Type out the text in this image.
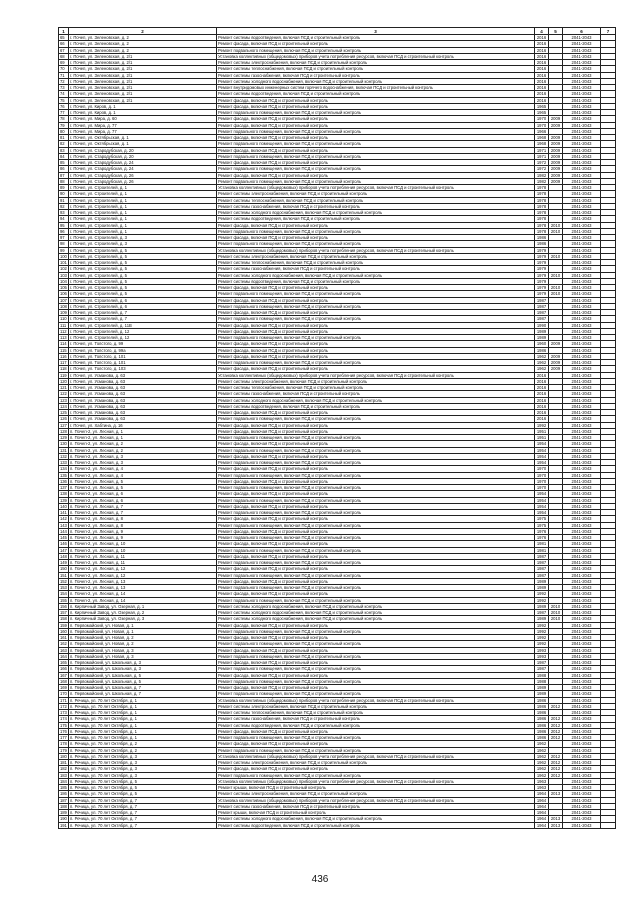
1	2	3	4	5	6	7
65	г. Почеп, ул. Зеленовская, д. 2	Ремонт системы водоотведения, включая ПСД и строительный контроль	2016		2041-2043	
66	г. Почеп, ул. Зеленовская, д. 2	Ремонт фасада, включая ПСД и строительный контроль	2016		2041-2043	
67	г. Почеп, ул. Зеленовская, д. 2	Ремонт подвального помещения, включая ПСД и строительный контроль	2016		2041-2043	
68	г. Почеп, ул. Зеленовская, д. 2/1	Установка коллективных (общедомовых) приборов учета потребления ресурсов, включая ПСД и строительный контроль	2016		2041-2043	
69	г. Почеп, ул. Зеленовская, д. 2/1	Ремонт системы электроснабжения, включая ПСД и строительный контроль	2016		2041-2043	
70	г. Почеп, ул. Зеленовская, д. 2/1	Ремонт системы теплоснабжения, включая ПСД и строительный контроль	2016		2041-2043	
71	г. Почеп, ул. Зеленовская, д. 2/1	Ремонт системы газоснабжения, включая ПСД и строительный контроль	2016		2041-2043	
72	г. Почеп, ул. Зеленовская, д. 2/1	Ремонт системы холодного водоснабжения, включая ПСД и строительный контроль	2016		2041-2043	
73	г. Почеп, ул. Зеленовская, д. 2/1	Ремонт внутридомовых инженерных систем горячего водоснабжения, включая ПСД и строительный контроль	2016		2041-2043	
74	г. Почеп, ул. Зеленовская, д. 2/1	Ремонт системы водоотведения, включая ПСД и строительный контроль	2016		2041-2043	
75	г. Почеп, ул. Зеленовская, д. 2/1	Ремонт фасада, включая ПСД и строительный контроль	2016		2041-2043	
76	г. Почеп, ул. Киров, д. 1	Ремонт фасада, включая ПСД и строительный контроль	1965		2041-2043	
77	г. Почеп, ул. Киров, д. 1	Ремонт подвального помещения, включая ПСД и строительный контроль	1965		2041-2043	
78	г. Почеп, ул. Мира, д. 60	Ремонт фасада, включая ПСД и строительный контроль	1970	2009	2041-2043	
79	г. Почеп, ул. Мира, д. 77	Ремонт фасада, включая ПСД и строительный контроль	1970	2009	2041-2043	
80	г. Почеп, ул. Мира, д. 77	Ремонт подвального помещения, включая ПСД и строительный контроль	1966		2041-2043	
81	г. Почеп, ул. Октябрьская, д. 1	Ремонт фасада, включая ПСД и строительный контроль	1968	2009	2041-2043	
82	г. Почеп, ул. Октябрьская, д. 1	Ремонт подвального помещения, включая ПСД и строительный контроль	1968	2009	2041-2043	
83	г. Почеп, ул. Стародубская, д. 20	Ремонт фасада, включая ПСД и строительный контроль	1971	2009	2041-2043	
84	г. Почеп, ул. Стародубская, д. 20	Ремонт подвального помещения, включая ПСД и строительный контроль	1971	2009	2041-2043	
85	г. Почеп, ул. Стародубская, д. 24	Ремонт фасада, включая ПСД и строительный контроль	1972	2009	2041-2043	
86	г. Почеп, ул. Стародубская, д. 24	Ремонт подвального помещения, включая ПСД и строительный контроль	1972	2009	2041-2043	
87	г. Почеп, ул. Стародубская, д. 26	Ремонт фасада, включая ПСД и строительный контроль	1982	2009	2041-2043	
88	г. Почеп, ул. Стародубская, д. 26	Ремонт подвального помещения, включая ПСД и строительный контроль	1982	2009	2041-2043	
89	г. Почеп, ул. Строителей, д. 1	Установка коллективных (общедомовых) приборов учета потребления ресурсов, включая ПСД и строительный контроль	1978		2041-2043	
90	г. Почеп, ул. Строителей, д. 1	Ремонт системы электроснабжения, включая ПСД и строительный контроль	1978		2041-2043	
91	г. Почеп, ул. Строителей, д. 1	Ремонт системы теплоснабжения, включая ПСД и строительный контроль	1978		2041-2043	
92	г. Почеп, ул. Строителей, д. 1	Ремонт системы газоснабжения, включая ПСД и строительный контроль	1978		2041-2043	
93	г. Почеп, ул. Строителей, д. 1	Ремонт системы холодного водоснабжения, включая ПСД и строительный контроль	1978		2041-2043	
94	г. Почеп, ул. Строителей, д. 1	Ремонт системы водоотведения, включая ПСД и строительный контроль	1978		2041-2043	
95	г. Почеп, ул. Строителей, д. 1	Ремонт фасада, включая ПСД и строительный контроль	1978	2010	2041-2043	
96	г. Почеп, ул. Строителей, д. 1	Ремонт подвального помещения, включая ПСД и строительный контроль	1978	2010	2041-2043	
97	г. Почеп, ул. Строителей, д. 3	Ремонт фасада, включая ПСД и строительный контроль	1986		2041-2043	
98	г. Почеп, ул. Строителей, д. 3	Ремонт подвального помещения, включая ПСД и строительный контроль	1986		2041-2043	
99	г. Почеп, ул. Строителей, д. 5	Установка коллективных (общедомовых) приборов учета потребления ресурсов, включая ПСД и строительный контроль	1979		2041-2043	
100	г. Почеп, ул. Строителей, д. 5	Ремонт системы электроснабжения, включая ПСД и строительный контроль	1979	2010	2041-2043	
101	г. Почеп, ул. Строителей, д. 5	Ремонт системы теплоснабжения, включая ПСД и строительный контроль	1979		2041-2043	
102	г. Почеп, ул. Строителей, д. 5	Ремонт системы газоснабжения, включая ПСД и строительный контроль	1979		2041-2043	
103	г. Почеп, ул. Строителей, д. 5	Ремонт системы холодного водоснабжения, включая ПСД и строительный контроль	1979	2010	2041-2043	
104	г. Почеп, ул. Строителей, д. 5	Ремонт системы водоотведения, включая ПСД и строительный контроль	1979		2041-2043	
105	г. Почеп, ул. Строителей, д. 5	Ремонт фасада, включая ПСД и строительный контроль	1979	2010	2041-2043	
106	г. Почеп, ул. Строителей, д. 5	Ремонт подвального помещения, включая ПСД и строительный контроль	1979	2010	2041-2043	
107	г. Почеп, ул. Строителей, д. 6	Ремонт фасада, включая ПСД и строительный контроль	1987		2041-2043	
108	г. Почеп, ул. Строителей, д. 6	Ремонт подвального помещения, включая ПСД и строительный контроль	1987		2041-2043	
109	г. Почеп, ул. Строителей, д. 7	Ремонт фасада, включая ПСД и строительный контроль	1987		2041-2043	
110	г. Почеп, ул. Строителей, д. 7	Ремонт подвального помещения, включая ПСД и строительный контроль	1987		2041-2043	
111	г. Почеп, ул. Строителей, д. 11В	Ремонт фасада, включая ПСД и строительный контроль	1990		2041-2043	
112	г. Почеп, ул. Строителей, д. 12	Ремонт фасада, включая ПСД и строительный контроль	1989		2041-2043	
113	г. Почеп, ул. Строителей, д. 12	Ремонт подвального помещения, включая ПСД и строительный контроль	1989		2041-2043	
114	г. Почеп, ул. Толстого, д. 99	Ремонт фасада, включая ПСД и строительный контроль	1960	2009	2041-2043	
115	г. Почеп, ул. Толстого, д. 99а	Ремонт фасада, включая ПСД и строительный контроль	1986		2041-2043	
116	г. Почеп, ул. Толстого, д. 101	Ремонт фасада, включая ПСД и строительный контроль	1962	2009	2041-2043	
117	г. Почеп, ул. Толстого, д. 101	Ремонт подвального помещения, включая ПСД и строительный контроль	1962	2009	2041-2043	
118	г. Почеп, ул. Толстого, д. 103	Ремонт фасада, включая ПСД и строительный контроль	1962	2009	2041-2043	
119	г. Почеп, ул. Усманова, д. 63	Установка коллективных (общедомовых) приборов учета потребления ресурсов, включая ПСД и строительный контроль	2016		2041-2043	
120	г. Почеп, ул. Усманова, д. 63	Ремонт системы электроснабжения, включая ПСД и строительный контроль	2016		2041-2043	
121	г. Почеп, ул. Усманова, д. 63	Ремонт системы теплоснабжения, включая ПСД и строительный контроль	2016		2041-2043	
122	г. Почеп, ул. Усманова, д. 63	Ремонт системы газоснабжения, включая ПСД и строительный контроль	2016		2041-2043	
123	г. Почеп, ул. Усманова, д. 63	Ремонт системы холодного водоснабжения, включая ПСД и строительный контроль	2016		2041-2043	
124	г. Почеп, ул. Усманова, д. 63	Ремонт системы водоотведения, включая ПСД и строительный контроль	2016		2041-2043	
125	г. Почеп, ул. Усманова, д. 63	Ремонт фасада, включая ПСД и строительный контроль	2016		2041-2043	
126	г. Почеп, ул. Усманова, д. 63	Ремонт подвального помещения, включая ПСД и строительный контроль	2016		2041-2043	
127	г. Почеп, ул. Хабтина, д. 16	Ремонт фасада, включая ПСД и строительный контроль	1992		2041-2043	
128	п. Почеп-2, ул. Лесная, д. 1	Ремонт фасада, включая ПСД и строительный контроль	1951		2041-2043	
129	п. Почеп-2, ул. Лесная, д. 1	Ремонт подвального помещения, включая ПСД и строительный контроль	1951		2041-2043	
130	п. Почеп-2, ул. Лесная, д. 2	Ремонт фасада, включая ПСД и строительный контроль	1954		2041-2043	
131	п. Почеп-2, ул. Лесная, д. 2	Ремонт подвального помещения, включая ПСД и строительный контроль	1954		2041-2043	
132	п. Почеп-2, ул. Лесная, д. 3	Ремонт фасада, включая ПСД и строительный контроль	1954		2041-2043	
133	п. Почеп-2, ул. Лесная, д. 3	Ремонт подвального помещения, включая ПСД и строительный контроль	1954		2041-2043	
134	п. Почеп-2, ул. Лесная, д. 4	Ремонт фасада, включая ПСД и строительный контроль	1970		2041-2043	
135	п. Почеп-2, ул. Лесная, д. 4	Ремонт подвального помещения, включая ПСД и строительный контроль	1970		2041-2043	
136	п. Почеп-2, ул. Лесная, д. 5	Ремонт фасада, включая ПСД и строительный контроль	1970		2041-2043	
137	п. Почеп-2, ул. Лесная, д. 5	Ремонт подвального помещения, включая ПСД и строительный контроль	1970		2041-2043	
138	п. Почеп-2, ул. Лесная, д. 6	Ремонт фасада, включая ПСД и строительный контроль	1954		2041-2043	
139	п. Почеп-2, ул. Лесная, д. 6	Ремонт подвального помещения, включая ПСД и строительный контроль	1954		2041-2043	
140	п. Почеп-2, ул. Лесная, д. 7	Ремонт фасада, включая ПСД и строительный контроль	1954		2041-2043	
141	п. Почеп-2, ул. Лесная, д. 7	Ремонт подвального помещения, включая ПСД и строительный контроль	1954		2041-2043	
142	п. Почеп-2, ул. Лесная, д. 8	Ремонт фасада, включая ПСД и строительный контроль	1975		2041-2043	
143	п. Почеп-2, ул. Лесная, д. 8	Ремонт подвального помещения, включая ПСД и строительный контроль	1975		2041-2043	
144	п. Почеп-2, ул. Лесная, д. 9	Ремонт фасада, включая ПСД и строительный контроль	1976		2041-2043	
145	п. Почеп-2, ул. Лесная, д. 9	Ремонт подвального помещения, включая ПСД и строительный контроль	1976		2041-2043	
146	п. Почеп-2, ул. Лесная, д. 10	Ремонт фасада, включая ПСД и строительный контроль	1981		2041-2043	
147	п. Почеп-2, ул. Лесная, д. 10	Ремонт подвального помещения, включая ПСД и строительный контроль	1981		2041-2043	
148	п. Почеп-2, ул. Лесная, д. 11	Ремонт фасада, включая ПСД и строительный контроль	1987		2041-2043	
149	п. Почеп-2, ул. Лесная, д. 11	Ремонт подвального помещения, включая ПСД и строительный контроль	1987		2041-2043	
150	п. Почеп-2, ул. Лесная, д. 12	Ремонт фасада, включая ПСД и строительный контроль	1987		2041-2043	
151	п. Почеп-2, ул. Лесная, д. 12	Ремонт подвального помещения, включая ПСД и строительный контроль	1987		2041-2043	
152	п. Почеп-2, ул. Лесная, д. 13	Ремонт фасада, включая ПСД и строительный контроль	1989		2041-2043	
153	п. Почеп-2, ул. Лесная, д. 13	Ремонт подвального помещения, включая ПСД и строительный контроль	1989		2041-2043	
154	п. Почеп-2, ул. Лесная, д. 14	Ремонт фасада, включая ПСД и строительный контроль	1992		2041-2043	
155	п. Почеп-2, ул. Лесная, д. 14	Ремонт подвального помещения, включая ПСД и строительный контроль	1992		2041-2043	
156	п. Кирпичный Завод, ул. Озерная, д. 1	Ремонт системы холодного водоснабжения, включая ПСД и строительный контроль	1989	2010	2041-2043	
157	п. Кирпичный Завод, ул. Озерная, д. 2	Ремонт системы холодного водоснабжения, включая ПСД и строительный контроль	1987	2010	2041-2043	
158	п. Кирпичный Завод, ул. Озерная, д. 3	Ремонт системы холодного водоснабжения, включая ПСД и строительный контроль	1989	2010	2041-2043	
159	п. Первомайский, ул. Новая, д. 1	Ремонт фасада, включая ПСД и строительный контроль	1992		2041-2043	
160	п. Первомайский, ул. Новая, д. 1	Ремонт подвального помещения, включая ПСД и строительный контроль	1992		2041-2043	
161	п. Первомайский, ул. Новая, д. 2	Ремонт фасада, включая ПСД и строительный контроль	1992		2041-2043	
162	п. Первомайский, ул. Новая, д. 2	Ремонт подвального помещения, включая ПСД и строительный контроль	1992		2041-2043	
163	п. Первомайский, ул. Новая, д. 3	Ремонт фасада, включая ПСД и строительный контроль	1993		2041-2043	
164	п. Первомайский, ул. Новая, д. 3	Ремонт подвального помещения, включая ПСД и строительный контроль	1993		2041-2043	
165	п. Первомайский, ул. Школьная, д. 3	Ремонт фасада, включая ПСД и строительный контроль	1987		2041-2043	
166	п. Первомайский, ул. Школьная, д. 3	Ремонт подвального помещения, включая ПСД и строительный контроль	1987		2041-2043	
167	п. Первомайский, ул. Школьная, д. 5	Ремонт фасада, включая ПСД и строительный контроль	1988		2041-2043	
168	п. Первомайский, ул. Школьная, д. 5	Ремонт подвального помещения, включая ПСД и строительный контроль	1988		2041-2043	
169	п. Первомайский, ул. Школьная, д. 7	Ремонт фасада, включая ПСД и строительный контроль	1989		2041-2043	
170	п. Первомайский, ул. Школьная, д. 7	Ремонт подвального помещения, включая ПСД и строительный контроль	1989		2041-2043	
171	п. Речица, ул. 70 лет Октября, д. 1	Установка коллективных (общедомовых) приборов учета потребления ресурсов, включая ПСД и строительный контроль	1986		2041-2043	
172	п. Речица, ул. 70 лет Октября, д. 1	Ремонт системы электроснабжения, включая ПСД и строительный контроль	1986	2012	2041-2043	
173	п. Речица, ул. 70 лет Октября, д. 1	Ремонт системы теплоснабжения, включая ПСД и строительный контроль	1986		2041-2043	
174	п. Речица, ул. 70 лет Октября, д. 1	Ремонт системы газоснабжения, включая ПСД и строительный контроль	1986	2012	2041-2043	
175	п. Речица, ул. 70 лет Октября, д. 1	Ремонт системы водоотведения, включая ПСД и строительный контроль	1986	2012	2041-2043	
176	п. Речица, ул. 70 лет Октября, д. 1	Ремонт фасада, включая ПСД и строительный контроль	1986	2012	2041-2043	
177	п. Речица, ул. 70 лет Октября, д. 1	Ремонт подвального помещения, включая ПСД и строительный контроль	1986	2012	2041-2043	
178	п. Речица, ул. 70 лет Октября, д. 2	Ремонт фасада, включая ПСД и строительный контроль	1962		2041-2043	
179	п. Речица, ул. 70 лет Октября, д. 2	Ремонт подвального помещения, включая ПСД и строительный контроль	1962		2041-2043	
180	п. Речица, ул. 70 лет Октября, д. 3	Установка коллективных (общедомовых) приборов учета потребления ресурсов, включая ПСД и строительный контроль	1962	2012	2041-2043	
181	п. Речица, ул. 70 лет Октября, д. 3	Ремонт системы электроснабжения, включая ПСД и строительный контроль	1962	2012	2041-2043	
182	п. Речица, ул. 70 лет Октября, д. 3	Ремонт фасада, включая ПСД и строительный контроль	1962	2012	2041-2043	
183	п. Речица, ул. 70 лет Октября, д. 3	Ремонт подвального помещения, включая ПСД и строительный контроль	1962	2012	2041-2043	
184	п. Речица, ул. 70 лет Октября, д. 5	Установка коллективных (общедомовых) приборов учета потребления ресурсов, включая ПСД и строительный контроль	1963		2041-2043	
185	п. Речица, ул. 70 лет Октября, д. 5	Ремонт крыши, включая ПСД и строительный контроль	1963		2041-2043	
186	п. Речица, ул. 70 лет Октября, д. 5	Ремонт системы электроснабжения, включая ПСД и строительный контроль	1964	2013	2041-2043	
187	п. Речица, ул. 70 лет Октября, д. 7	Установка коллективных (общедомовых) приборов учета потребления ресурсов, включая ПСД и строительный контроль	1964		2041-2043	
188	п. Речица, ул. 70 лет Октября, д. 7	Ремонт системы газоснабжения, включая ПСД и строительный контроль	1964		2041-2043	
189	п. Речица, ул. 70 лет Октября, д. 7	Ремонт крыши, включая ПСД и строительный контроль	1964		2041-2043	
190	п. Речица, ул. 70 лет Октября, д. 7	Ремонт системы холодного водоснабжения, включая ПСД и строительный контроль	1964	2013	2041-2043	
191	п. Речица, ул. 70 лет Октября, д. 7	Ремонт системы водоотведения, включая ПСД и строительный контроль	1964	2013	2041-2043	
436
